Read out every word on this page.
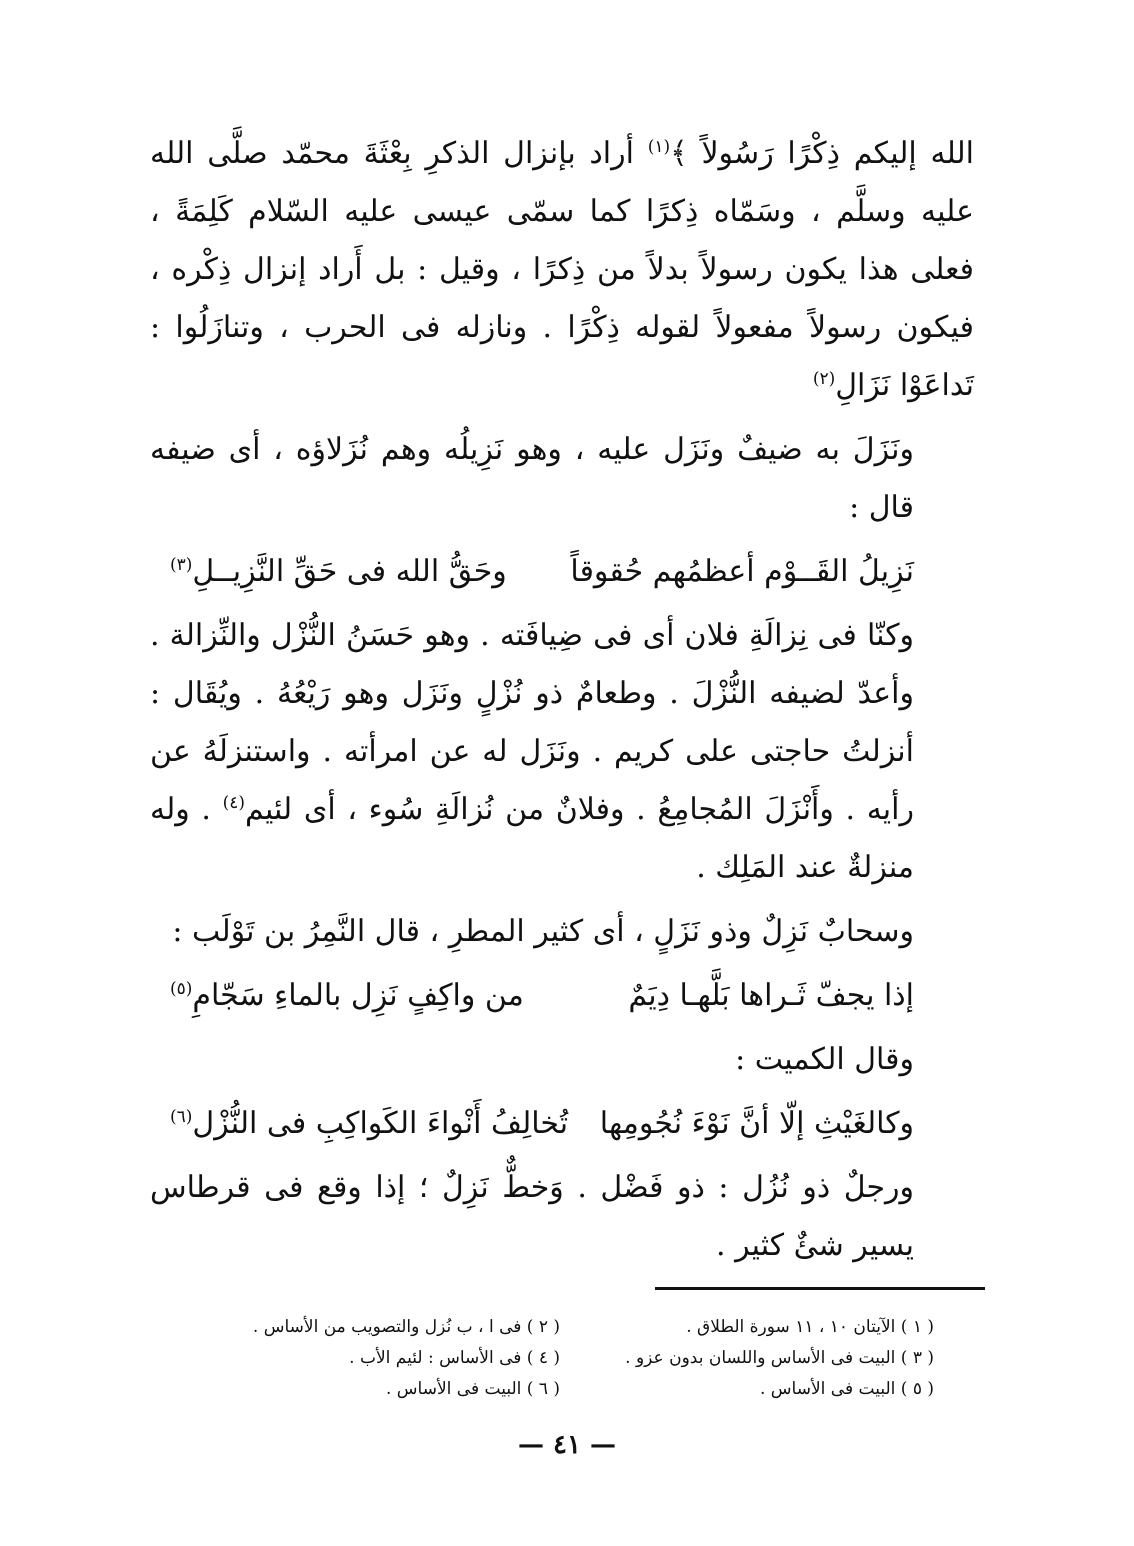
الله إليكم ذِكْرًا رَسُولاً ﴾$^{(١)}$ أراد بإنزال الذكرِ بِعْثَةَ محمّد صلَّى الله عليه وسلَّم ، وسَمّاه ذِكرًا كما سمّى عيسى عليه السّلام كَلِمَةً ، فعلى هذا يكون رسولاً بدلاً من ذِكرًا ، وقيل : بل أَراد إنزال ذِكْره ، فيكون رسولاً مفعولاً لقوله ذِكْرًا . ونازله فى الحرب ، وتنازَلُوا : تَداعَوْا نَزَالِ$^{(٢)}$

ونَزَلَ به ضيفٌ ونَزَل عليه ، وهو نَزِيلُه وهم نُزَلاؤه ، أى ضيفه قال :

نَزِيلُ القَــوْم أعظمُهم حُقوقاً
وحَقُّ الله فى حَقِّ النَّزِيــلِ$^{(٣)}$

وكنّا فى نِزالَةِ فلان أى فى ضِيافَته . وهو حَسَنُ النُّزْل والنِّزالة . وأعدّ لضيفه النُّزْلَ . وطعامٌ ذو نُزْلٍ ونَزَل وهو رَيْعُهُ . ويُقَال : أنزلتُ حاجتى على كريم . ونَزَل له عن امرأته . واستنزلَهُ عن رأيه . وأَنْزَلَ المُجامِعُ . وفلانٌ من نُزالَةِ سُوء ، أى لئيم$^{(٤)}$ . وله منزلةٌ عند المَلِك .

وسحابٌ نَزِلٌ وذو نَزَلٍ ، أى كثير المطرِ ، قال النَّمِرُ بن تَوْلَب :

إذا يجفّ ثَـراها بَلَّهـا دِيَمٌ
من واكِفٍ نَزِل بالماءِ سَجّامِ$^{(٥)}$

وقال الكميت :

وكالغَيْثِ إلّا أنَّ نَوْءَ نُجُومِها
تُخالِفُ أَنْواءَ الكَواكِبِ فى النُّزْل$^{(٦)}$

ورجلٌ ذو نُزُل : ذو فَضْل . وَخطٌّ نَزِلٌ ؛ إذا وقع فى قرطاس يسير شئٌ كثير .

( ١ ) الآيتان ١٠ ، ١١ سورة الطلاق .
( ٣ ) البيت فى الأساس واللسان بدون عزو .
( ٥ ) البيت فى الأساس .
( ٢ ) فى ا ، ب نُزل والتصويب من الأساس .
( ٤ ) فى الأساس : لئيم الأب .
( ٦ ) البيت فى الأساس .
— ٤١ —
